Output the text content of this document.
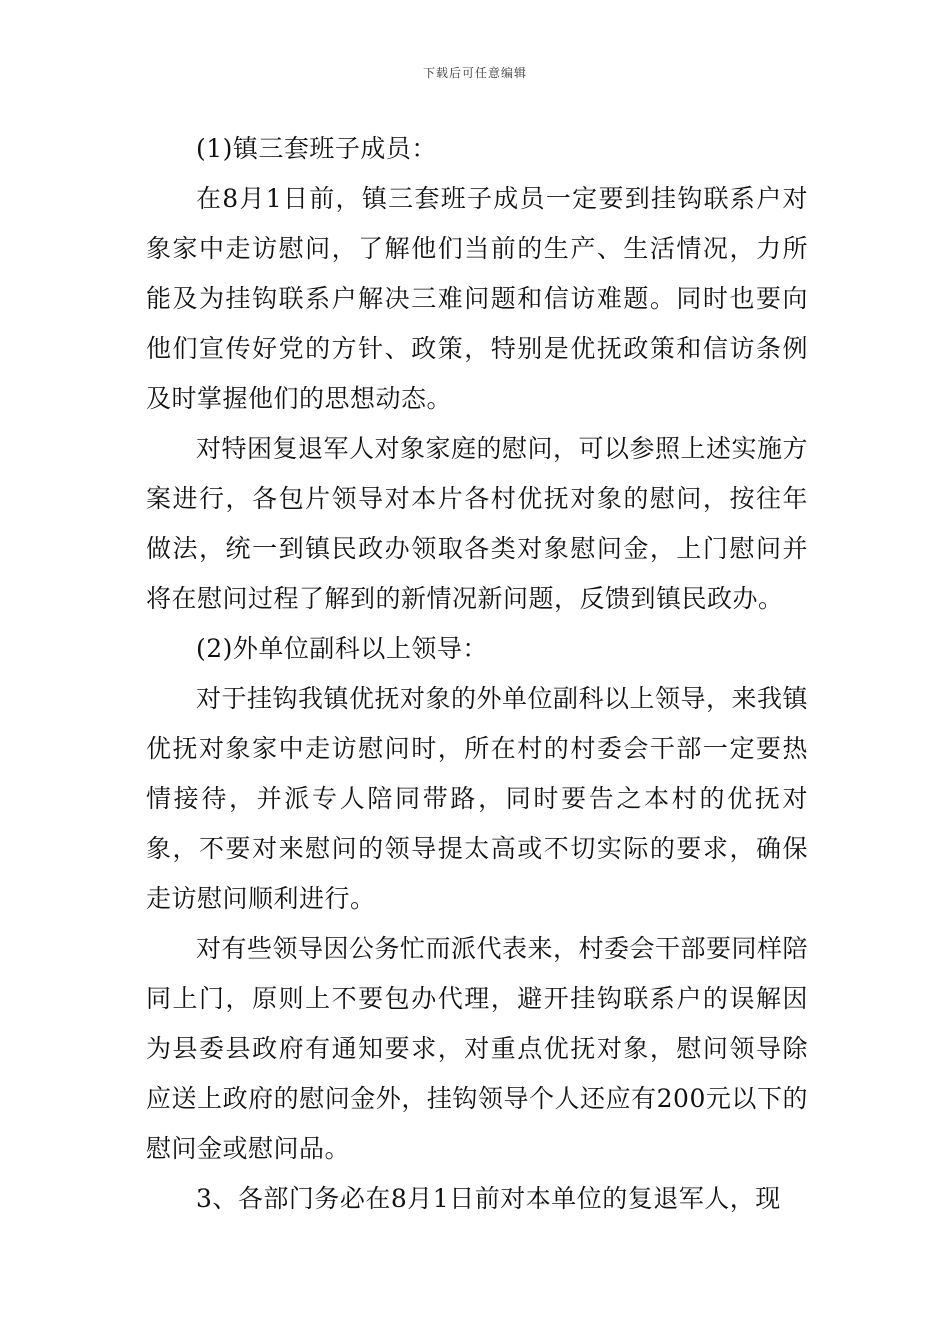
下载后可任意编辑

(1)镇三套班子成员：

在8月1日前，镇三套班子成员一定要到挂钩联系户对象家中走访慰问，了解他们当前的生产、生活情况，力所能及为挂钩联系户解决三难问题和信访难题。同时也要向他们宣传好党的方针、政策，特别是优抚政策和信访条例及时掌握他们的思想动态。

对特困复退军人对象家庭的慰问，可以参照上述实施方案进行，各包片领导对本片各村优抚对象的慰问，按往年做法，统一到镇民政办领取各类对象慰问金，上门慰问并将在慰问过程了解到的新情况新问题，反馈到镇民政办。

(2)外单位副科以上领导：

对于挂钩我镇优抚对象的外单位副科以上领导，来我镇优抚对象家中走访慰问时，所在村的村委会干部一定要热情接待，并派专人陪同带路，同时要告之本村的优抚对象，不要对来慰问的领导提太高或不切实际的要求，确保走访慰问顺利进行。

对有些领导因公务忙而派代表来，村委会干部要同样陪同上门，原则上不要包办代理，避开挂钩联系户的误解因为县委县政府有通知要求，对重点优抚对象，慰问领导除应送上政府的慰问金外，挂钩领导个人还应有200元以下的慰问金或慰问品。

3、各部门务必在8月1日前对本单位的复退军人，现
